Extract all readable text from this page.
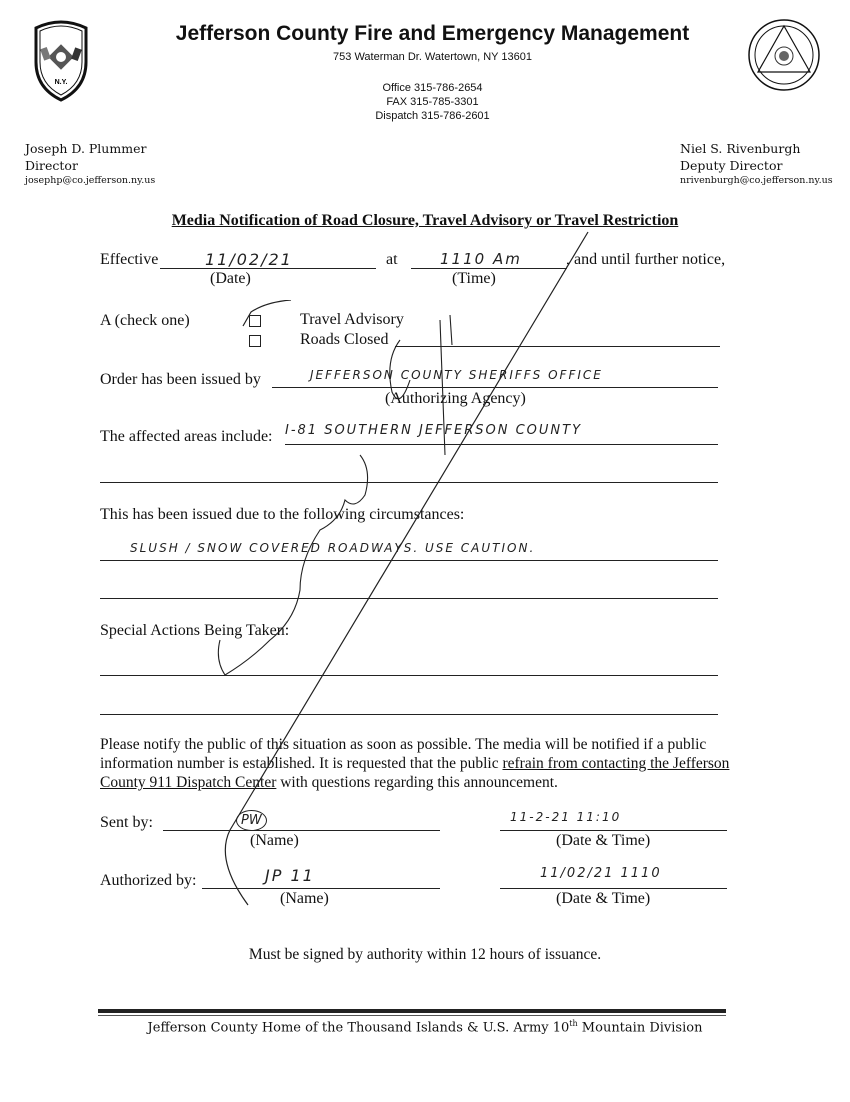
N.Y.
Jefferson County Fire and Emergency Management
753 Waterman Dr. Watertown, NY 13601
Office 315-786-2654
FAX 315-785-3301
Dispatch 315-786-2601
Joseph D. Plummer
Director
josephp@co.jefferson.ny.us
Niel S. Rivenburgh
Deputy Director
nrivenburgh@co.jefferson.ny.us
Media Notification of Road Closure, Travel Advisory or Travel Restriction
Effective	11/02/21
(Date)
at	1110 Am
(Time)
, and until further notice,
A (check one)	Travel Advisory
Roads Closed
Order has been issued by	JEFFERSON COUNTY SHERIFFS OFFICE
(Authorizing Agency)
The affected areas include: I-81 SOUTHERN JEFFERSON COUNTY
This has been issued due to the following circumstances:
SLUSH / SNOW COVERED ROADWAYS. USE CAUTION.
Special Actions Being Taken:
Please notify the public of this situation as soon as possible. The media will be notified if a public information number is established. It is requested that the public refrain from contacting the Jefferson County 911 Dispatch Center with questions regarding this announcement.
Sent by:	PW
(Name)
11-2-21 11:10
(Date & Time)
Authorized by:	JP 11
(Name)
11/02/21 1110
(Date & Time)
Must be signed by authority within 12 hours of issuance.
Jefferson County Home of the Thousand Islands & U.S. Army 10th Mountain Division
